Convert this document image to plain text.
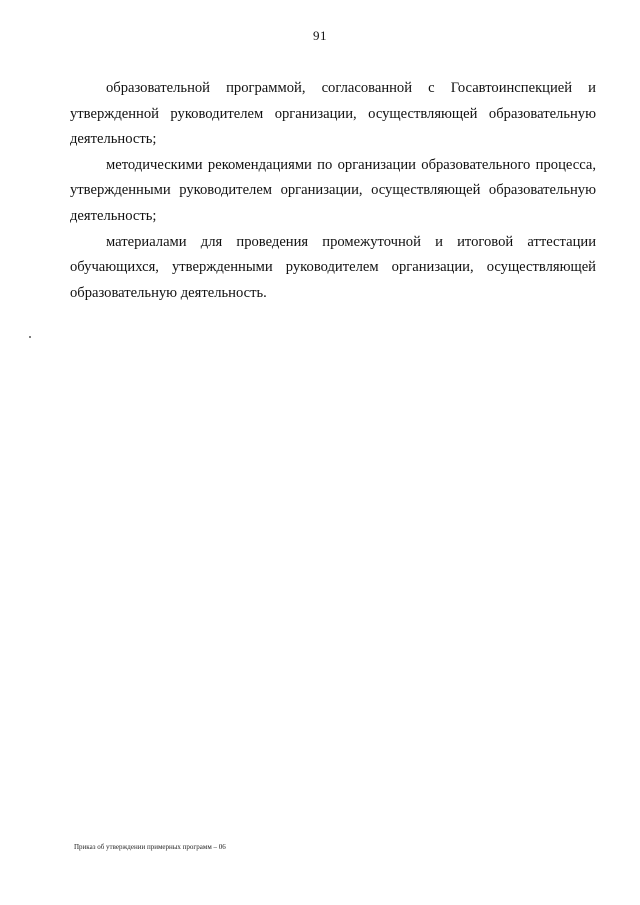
91

образовательной программой, согласованной с Госавтоинспекцией и утвержденной руководителем организации, осуществляющей образовательную деятельность;

методическими рекомендациями по организации образовательного процесса, утвержденными руководителем организации, осуществляющей образовательную деятельность;

материалами для проведения промежуточной и итоговой аттестации обучающихся, утвержденными руководителем организации, осуществляющей образовательную деятельность.

Приказ об утверждении примерных программ – 06
